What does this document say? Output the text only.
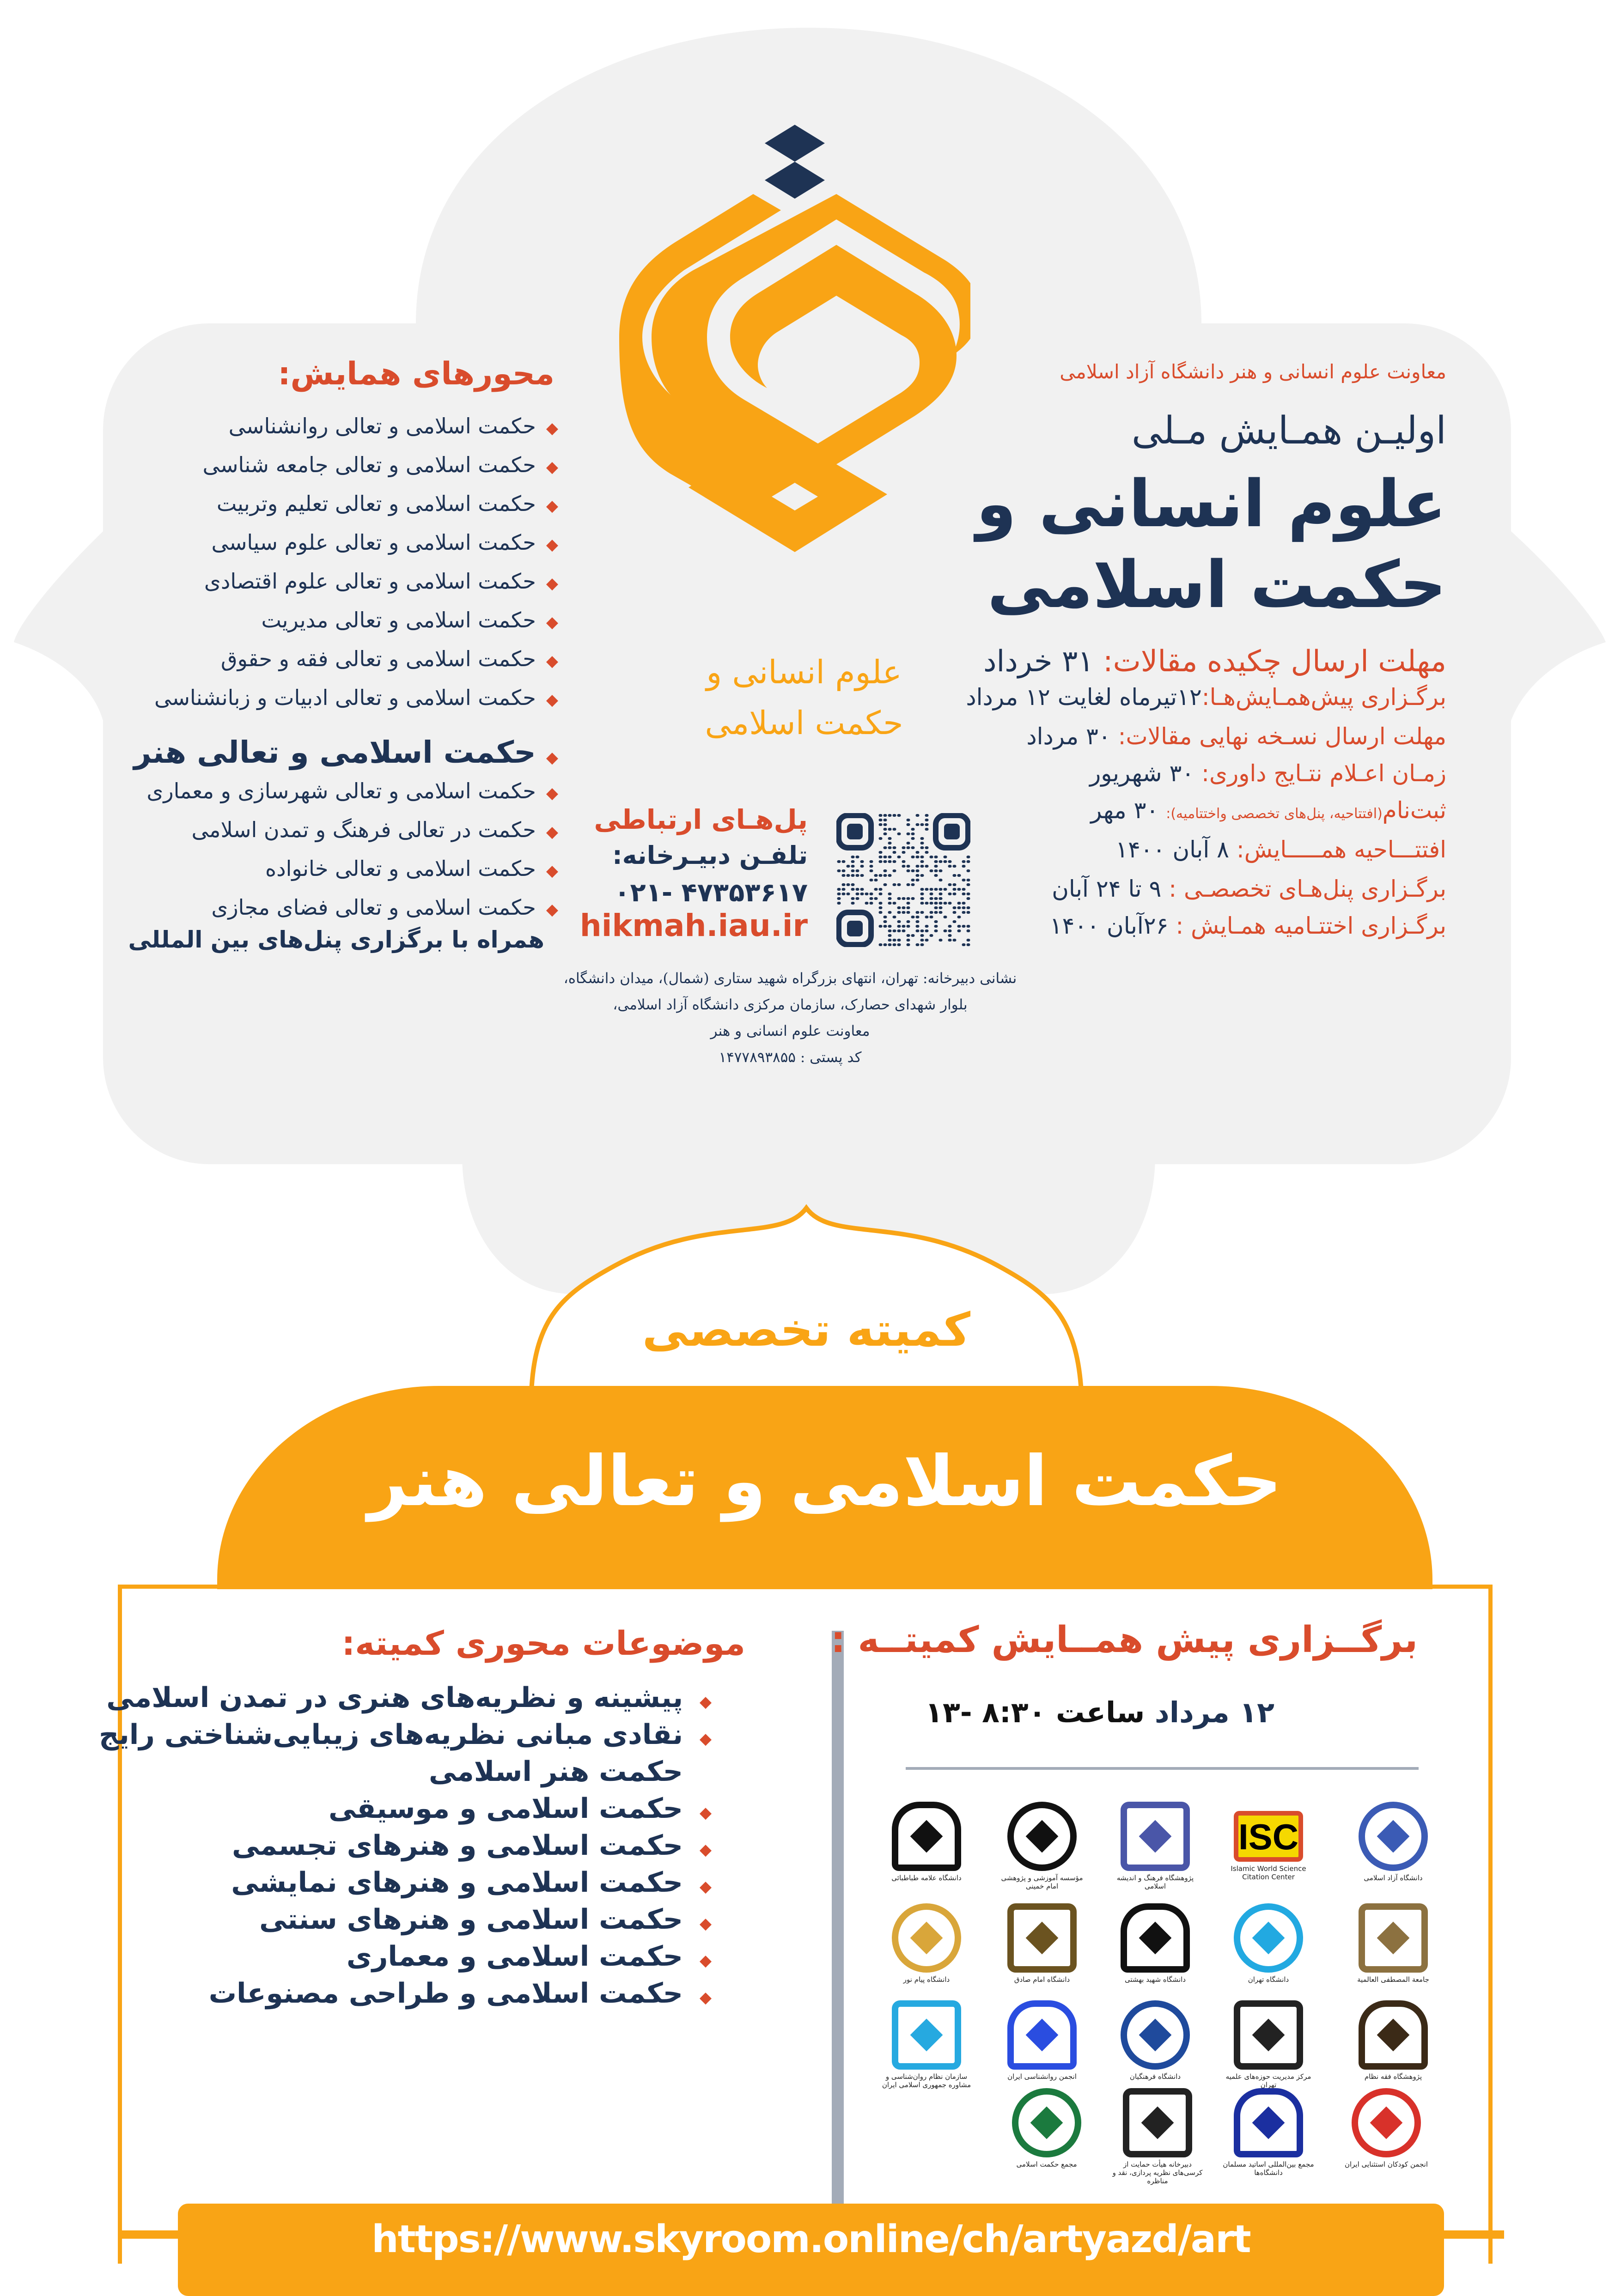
علوم انسانی و حکمت اسلامی
معاونت علوم انسانی و هنر دانشگاه آزاد اسلامی
اولیـن همـایش مـلی
علوم انسانی و
حکمت اسلامی
مهلت ارسال چکیده مقالات: ۳۱ خرداد
برگـزاری پیش‌همـایش‌هـا:۱۲تیرماه لغایت ۱۲ مرداد
مهلت ارسال نسـخه نهایی مقالات: ۳۰ مرداد
زمـان اعـلام نتـایج داوری: ۳۰ شهریور
ثبت‌نام(افتتاحیه، پنل‌های تخصصی واختتامیه): ۳۰ مهر
افتتـــاحیه همـــــایش: ۸ آبان ۱۴۰۰
برگـزاری پنل‌هـای تخصصـی : ۹ تا ۲۴ آبان
برگـزاری اختتـامیه همـایش : ۲۶آبان ۱۴۰۰
محورهای همایش:
◆حکمت اسلامی و تعالی روانشناسی
◆حکمت اسلامی و تعالی جامعه شناسی
◆حکمت اسلامی و تعالی تعلیم وتربیت
◆حکمت اسلامی و تعالی علوم سیاسی
◆حکمت اسلامی و تعالی علوم اقتصادی
◆حکمت اسلامی و تعالی مدیریت
◆حکمت اسلامی و تعالی فقه و حقوق
◆حکمت اسلامی و تعالی ادبیات و زبانشناسی
◆حکمت اسلامی و تعالی هنر
◆حکمت اسلامی و تعالی شهرسازی و معماری
◆حکمت در تعالی فرهنگ و تمدن اسلامی
◆حکمت اسلامی و تعالی خانواده
◆حکمت اسلامی و تعالی فضای مجازی
همراه با برگزاری پنل‌های بین المللی
پل‌هـای ارتباطی
تلفـن دبیـرخانه:
۰۲۱- ۴۷۳۵۳۶۱۷
hikmah.iau.ir
نشانی دبیرخانه: تهران، انتهای بزرگراه شهید ستاری (شمال)، میدان دانشگاه،
بلوار شهدای حصارک، سازمان مرکزی دانشگاه آزاد اسلامی،
معاونت علوم انسانی و هنر
کد پستی : ۱۴۷۷۸۹۳۸۵۵
کمیته تخصصی
حکمت اسلامی و تعالی هنر
برگــزاری پیش همــایش کمیتــه :
۱۲ مرداد ساعت ۸:۳۰ -۱۳
دانشگاه آزاد اسلامی
ISC
Islamic World Science Citation Center
پژوهشگاه فرهنگ و اندیشه اسلامی
مؤسسه آموزشی و پژوهشی امام خمینی
دانشگاه علامه طباطبائی
جامعة المصطفی العالمیة
دانشگاه تهران
دانشگاه شهید بهشتی
دانشگاه امام صادق
دانشگاه پیام نور
پژوهشگاه فقه نظام
مرکز مدیریت حوزه‌های علمیه تهران
دانشگاه فرهنگیان
انجمن روانشناسی ایران
سازمان نظام روان‌شناسی و مشاوره جمهوری اسلامی ایران
انجمن کودکان استثنایی ایران
مجمع بین‌المللی اساتید مسلمان دانشگاه‌ها
دبیرخانه هیأت حمایت از کرسی‌های نظریه پردازی، نقد و مناظره
مجمع حکمت اسلامی
موضوعات محوری کمیته:
◆پیشینه و نظریه‌های هنری در تمدن اسلامی
◆نقادی مبانی نظریه‌های زیبایی‌شناختی رایج
حکمت هنر اسلامی
◆حکمت اسلامی و موسیقی
◆حکمت اسلامی و هنرهای تجسمی
◆حکمت اسلامی و هنرهای نمایشی
◆حکمت اسلامی و هنرهای سنتی
◆حکمت اسلامی و معماری
◆حکمت اسلامی و طراحی مصنوعات
https://www.skyroom.online/ch/artyazd/art
